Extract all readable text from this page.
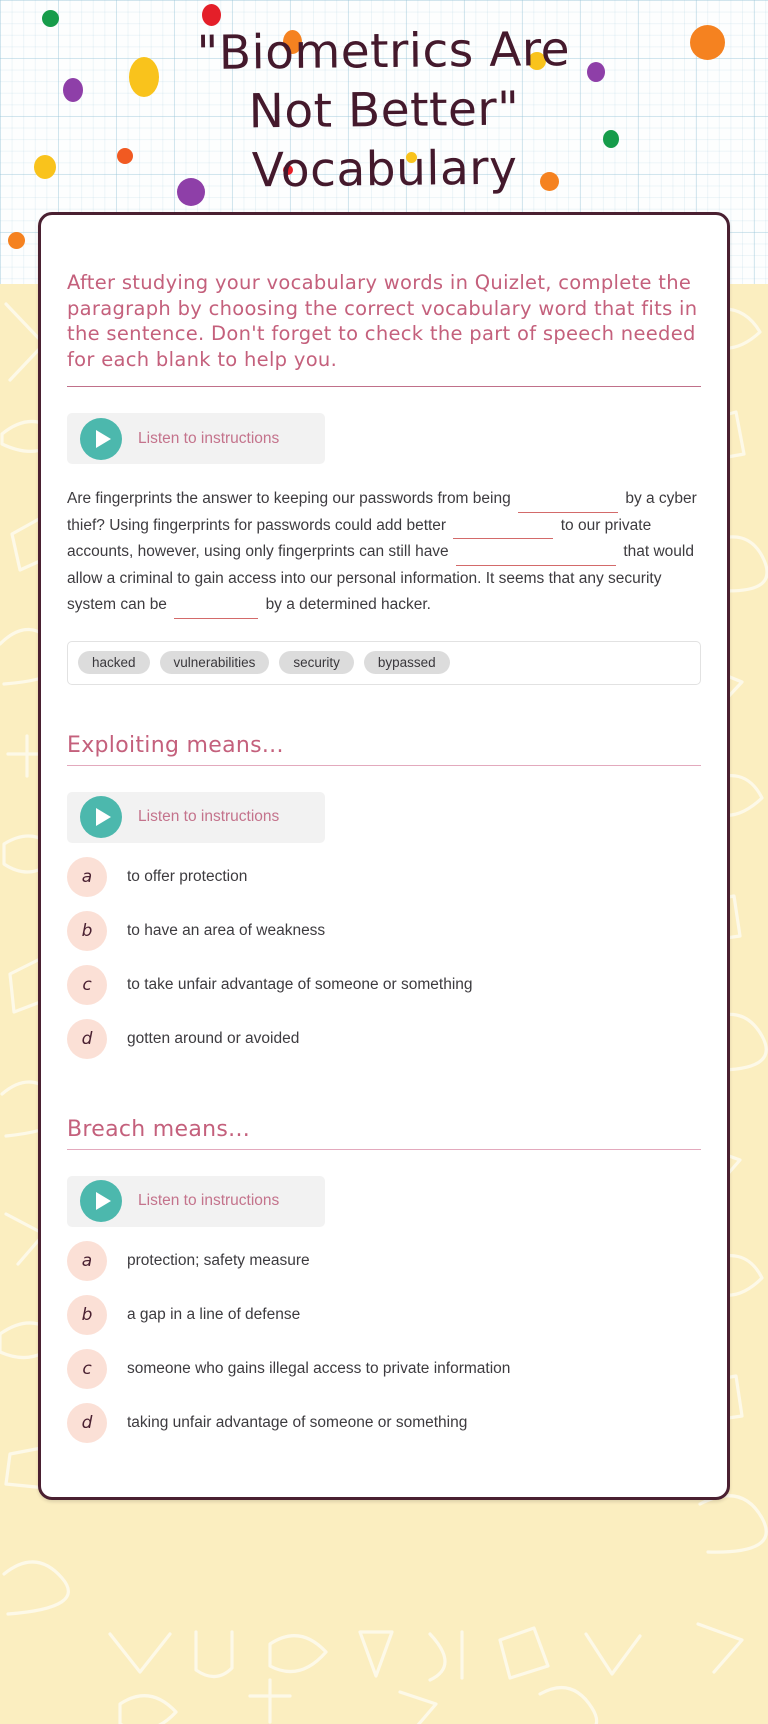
"Biometrics Are
Not Better"
Vocabulary
After studying your vocabulary words in Quizlet, complete the paragraph by choosing the correct vocabulary word that fits in the sentence. Don't forget to check the part of speech needed for each blank to help you.
Listen to instructions
Are fingerprints the answer to keeping our passwords from being	by a cyber thief? Using fingerprints for passwords could add better	to our private accounts, however, using only fingerprints can still have	that would allow a criminal to gain access into our personal information. It seems that any security system can be	by a determined hacker.
hacked	vulnerabilities	security	bypassed
Exploiting means...
Listen to instructions
a	to offer protection
b	to have an area of weakness
c	to take unfair advantage of someone or something
d	gotten around or avoided
Breach means...
Listen to instructions
a	protection; safety measure
b	a gap in a line of defense
c	someone who gains illegal access to private information
d	taking unfair advantage of someone or something
